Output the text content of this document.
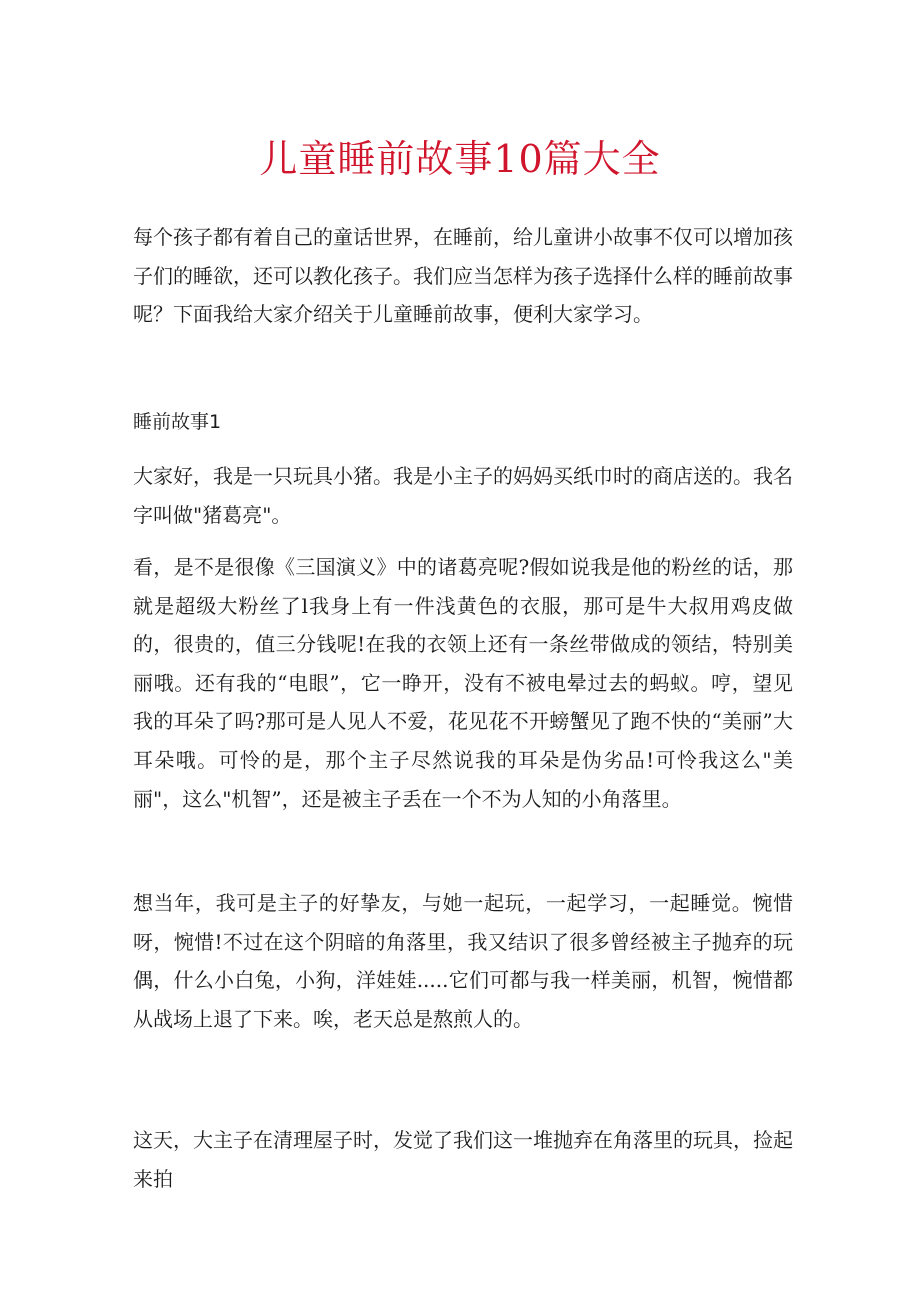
儿童睡前故事10篇大全

每个孩子都有着自己的童话世界，在睡前，给儿童讲小故事不仅可以增加孩子们的睡欲，还可以教化孩子。我们应当怎样为孩子选择什么样的睡前故事呢？下面我给大家介绍关于儿童睡前故事，便利大家学习。

睡前故事1

大家好，我是一只玩具小猪。我是小主子的妈妈买纸巾时的商店送的。我名字叫做"猪葛亮"。

看，是不是很像《三国演义》中的诸葛亮呢?假如说我是他的粉丝的话，那就是超级大粉丝了l我身上有一件浅黄色的衣服，那可是牛大叔用鸡皮做的，很贵的，值三分钱呢!在我的衣领上还有一条丝带做成的领结，特别美丽哦。还有我的“电眼”，它一睁开，没有不被电晕过去的蚂蚁。哼，望见我的耳朵了吗?那可是人见人不爱，花见花不开螃蟹见了跑不快的“美丽”大耳朵哦。可怜的是，那个主子尽然说我的耳朵是伪劣品!可怜我这么"美丽"，这么"机智”，还是被主子丢在一个不为人知的小角落里。

想当年，我可是主子的好挚友，与她一起玩，一起学习，一起睡觉。惋惜呀，惋惜!不过在这个阴暗的角落里，我又结识了很多曾经被主子抛弃的玩偶，什么小白兔，小狗，洋娃娃.....它们可都与我一样美丽，机智，惋惜都从战场上退了下来。唉，老天总是熬煎人的。

这天，大主子在清理屋子时，发觉了我们这一堆抛弃在角落里的玩具，捡起来拍
